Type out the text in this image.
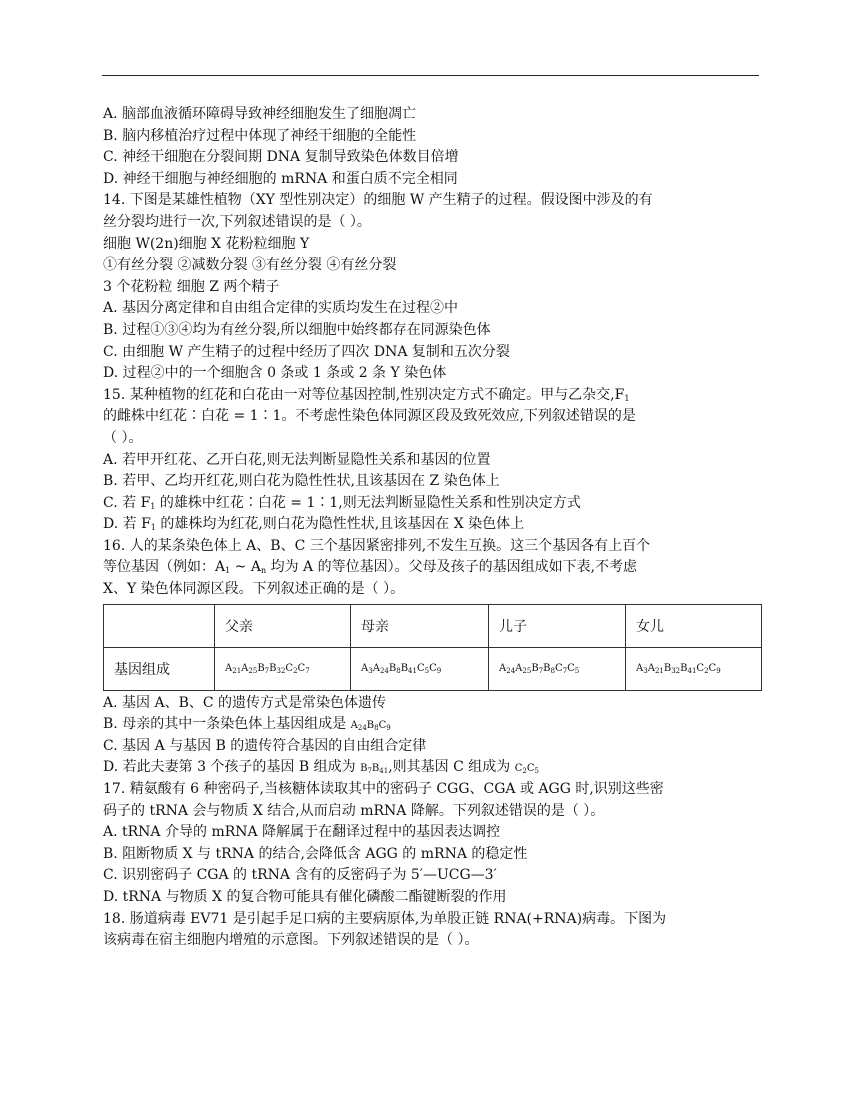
A. 脑部血液循环障碍导致神经细胞发生了细胞凋亡
B. 脑内移植治疗过程中体现了神经干细胞的全能性
C. 神经干细胞在分裂间期 DNA 复制导致染色体数目倍增
D. 神经干细胞与神经细胞的 mRNA 和蛋白质不完全相同
14. 下图是某雄性植物（XY 型性别决定）的细胞 W 产生精子的过程。假设图中涉及的有
丝分裂均进行一次,下列叙述错误的是（ ）。
细胞 W(2n)细胞 X 花粉粒细胞 Y
①有丝分裂 ②减数分裂 ③有丝分裂 ④有丝分裂
3 个花粉粒 细胞 Z 两个精子
A. 基因分离定律和自由组合定律的实质均发生在过程②中
B. 过程①③④均为有丝分裂,所以细胞中始终都存在同源染色体
C. 由细胞 W 产生精子的过程中经历了四次 DNA 复制和五次分裂
D. 过程②中的一个细胞含 0 条或 1 条或 2 条 Y 染色体
15. 某种植物的红花和白花由一对等位基因控制,性别决定方式不确定。甲与乙杂交$,F_1$
的雌株中红花∶白花 = 1∶1。不考虑性染色体同源区段及致死效应,下列叙述错误的是
（ ）。
A. 若甲开红花、乙开白花,则无法判断显隐性关系和基因的位置
B. 若甲、乙均开红花,则白花为隐性性状,且该基因在 Z 染色体上
C. 若 $F_1$ 的雄株中红花∶白花 = 1∶1,则无法判断显隐性关系和性别决定方式
D. 若 $F_1$ 的雄株均为红花,则白花为隐性性状,且该基因在 X 染色体上
16. 人的某条染色体上 A、B、C 三个基因紧密排列,不发生互换。这三个基因各有上百个
等位基因（例如：$A_1$ ~ $A_n$ 均为 A 的等位基因）。父母及孩子的基因组成如下表,不考虑
X、Y 染色体同源区段。下列叙述正确的是（ ）。
	父亲	母亲	儿子	女儿
基因组成	$A_{21}A_{25}B_7B_{32}C_2C_7$	$A_3A_{24}B_8B_{41}C_5C_9$	$A_{24}A_{25}B_7B_8C_7C_5$	$A_3A_{21}B_{32}B_{41}C_2C_9$
A. 基因 A、B、C 的遗传方式是常染色体遗传
B. 母亲的其中一条染色体上基因组成是 $A_{24}B_8C_9$
C. 基因 A 与基因 B 的遗传符合基因的自由组合定律
D. 若此夫妻第 3 个孩子的基因 B 组成为 $B_7B_{41}$,则其基因 C 组成为 $C_2C_5$
17. 精氨酸有 6 种密码子,当核糖体读取其中的密码子 CGG、CGA 或 AGG 时,识别这些密
码子的 tRNA 会与物质 X 结合,从而启动 mRNA 降解。下列叙述错误的是（ ）。
A. tRNA 介导的 mRNA 降解属于在翻译过程中的基因表达调控
B. 阻断物质 X 与 tRNA 的结合,会降低含 AGG 的 mRNA 的稳定性
C. 识别密码子 CGA 的 tRNA 含有的反密码子为 5′—UCG—3′
D. tRNA 与物质 X 的复合物可能具有催化磷酸二酯键断裂的作用
18. 肠道病毒 EV71 是引起手足口病的主要病原体,为单股正链 RNA(+RNA)病毒。下图为
该病毒在宿主细胞内增殖的示意图。下列叙述错误的是（ ）。
